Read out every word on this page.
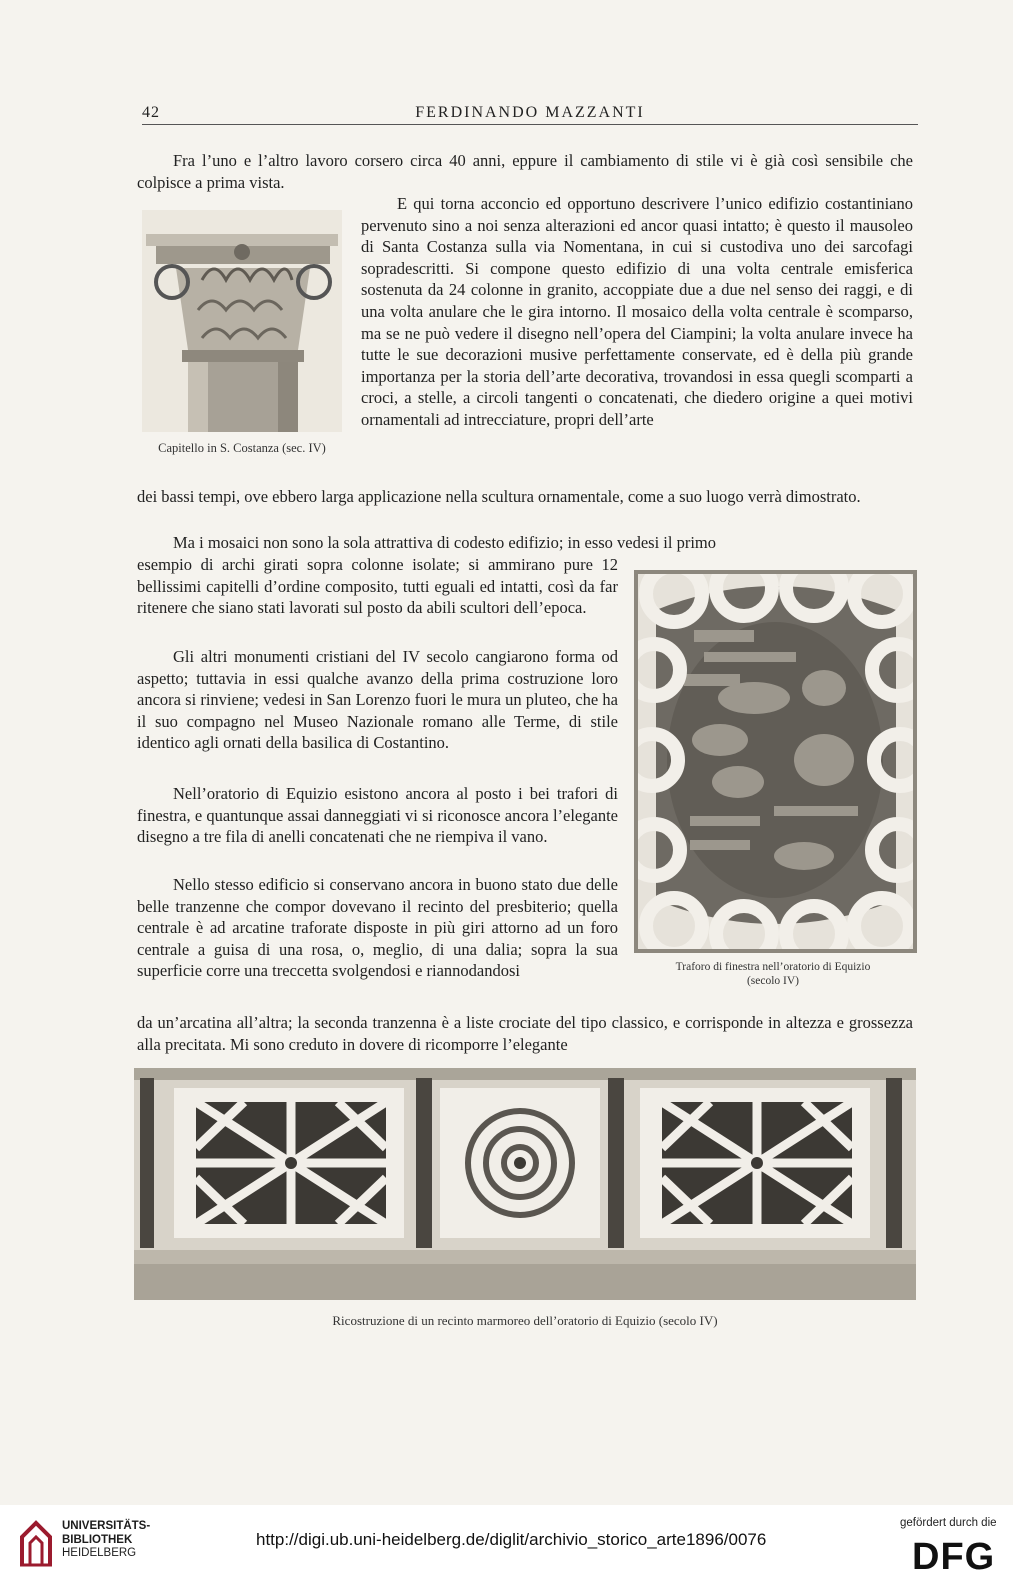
42	FERDINANDO MAZZANTI

Fra l’uno e l’altro lavoro corsero circa 40 anni, eppure il cambiamento di stile vi è già così sensibile che colpisce a prima vista.

Capitello in S. Costanza (sec. IV)

E qui torna acconcio ed opportuno descrivere l’unico edifizio costantiniano pervenuto sino a noi senza alterazioni ed ancor quasi intatto; è questo il mausoleo di Santa Costanza sulla via Nomentana, in cui si custodiva uno dei sarcofagi sopradescritti. Si compone questo edifizio di una volta centrale emisferica sostenuta da 24 colonne in granito, accoppiate due a due nel senso dei raggi, e di una volta anulare che le gira intorno. Il mosaico della volta centrale è scomparso, ma se ne può vedere il disegno nell’opera del Ciampini; la volta anulare invece ha tutte le sue decorazioni musive perfettamente conservate, ed è della più grande importanza per la storia dell’arte decorativa, trovandosi in essa quegli scomparti a croci, a stelle, a circoli tangenti o concatenati, che diedero origine a quei motivi ornamentali ad intrecciature, propri dell’arte

dei bassi tempi, ove ebbero larga applicazione nella scultura ornamentale, come a suo luogo verrà dimostrato.

Ma i mosaici non sono la sola attrattiva di codesto edifizio; in esso vedesi il primo

esempio di archi girati sopra colonne isolate; si ammirano pure 12 bellissimi capitelli d’ordine composito, tutti eguali ed intatti, così da far ritenere che siano stati lavorati sul posto da abili scultori dell’epoca.

Gli altri monumenti cristiani del IV secolo cangiarono forma od aspetto; tuttavia in essi qualche avanzo della prima costruzione loro ancora si rinviene; vedesi in San Lorenzo fuori le mura un pluteo, che ha il suo compagno nel Museo Nazionale romano alle Terme, di stile identico agli ornati della basilica di Costantino.

Nell’oratorio di Equizio esistono ancora al posto i bei trafori di finestra, e quantunque assai danneggiati vi si riconosce ancora l’elegante disegno a tre fila di anelli concatenati che ne riempiva il vano.

Nello stesso edificio si conservano ancora in buono stato due delle belle tranzenne che compor dovevano il recinto del presbiterio; quella centrale è ad arcatine traforate disposte in più giri attorno ad un foro centrale a guisa di una rosa, o, meglio, di una dalia; sopra la sua superficie corre una treccetta svolgendosi e riannodandosi	Traforo di finestra nell’oratorio di Equizio
(secolo IV)

da un’arcatina all’altra; la seconda tranzenna è a liste crociate del tipo classico, e corrisponde in altezza e grossezza alla precitata. Mi sono creduto in dovere di ricomporre l’elegante

Ricostruzione di un recinto marmoreo dell’oratorio di Equizio (secolo IV)

UNIVERSITÄTS-
BIBLIOTHEK
HEIDELBERG
http://digi.ub.uni-heidelberg.de/diglit/archivio_storico_arte1896/0076
gefördert durch die
DFG
